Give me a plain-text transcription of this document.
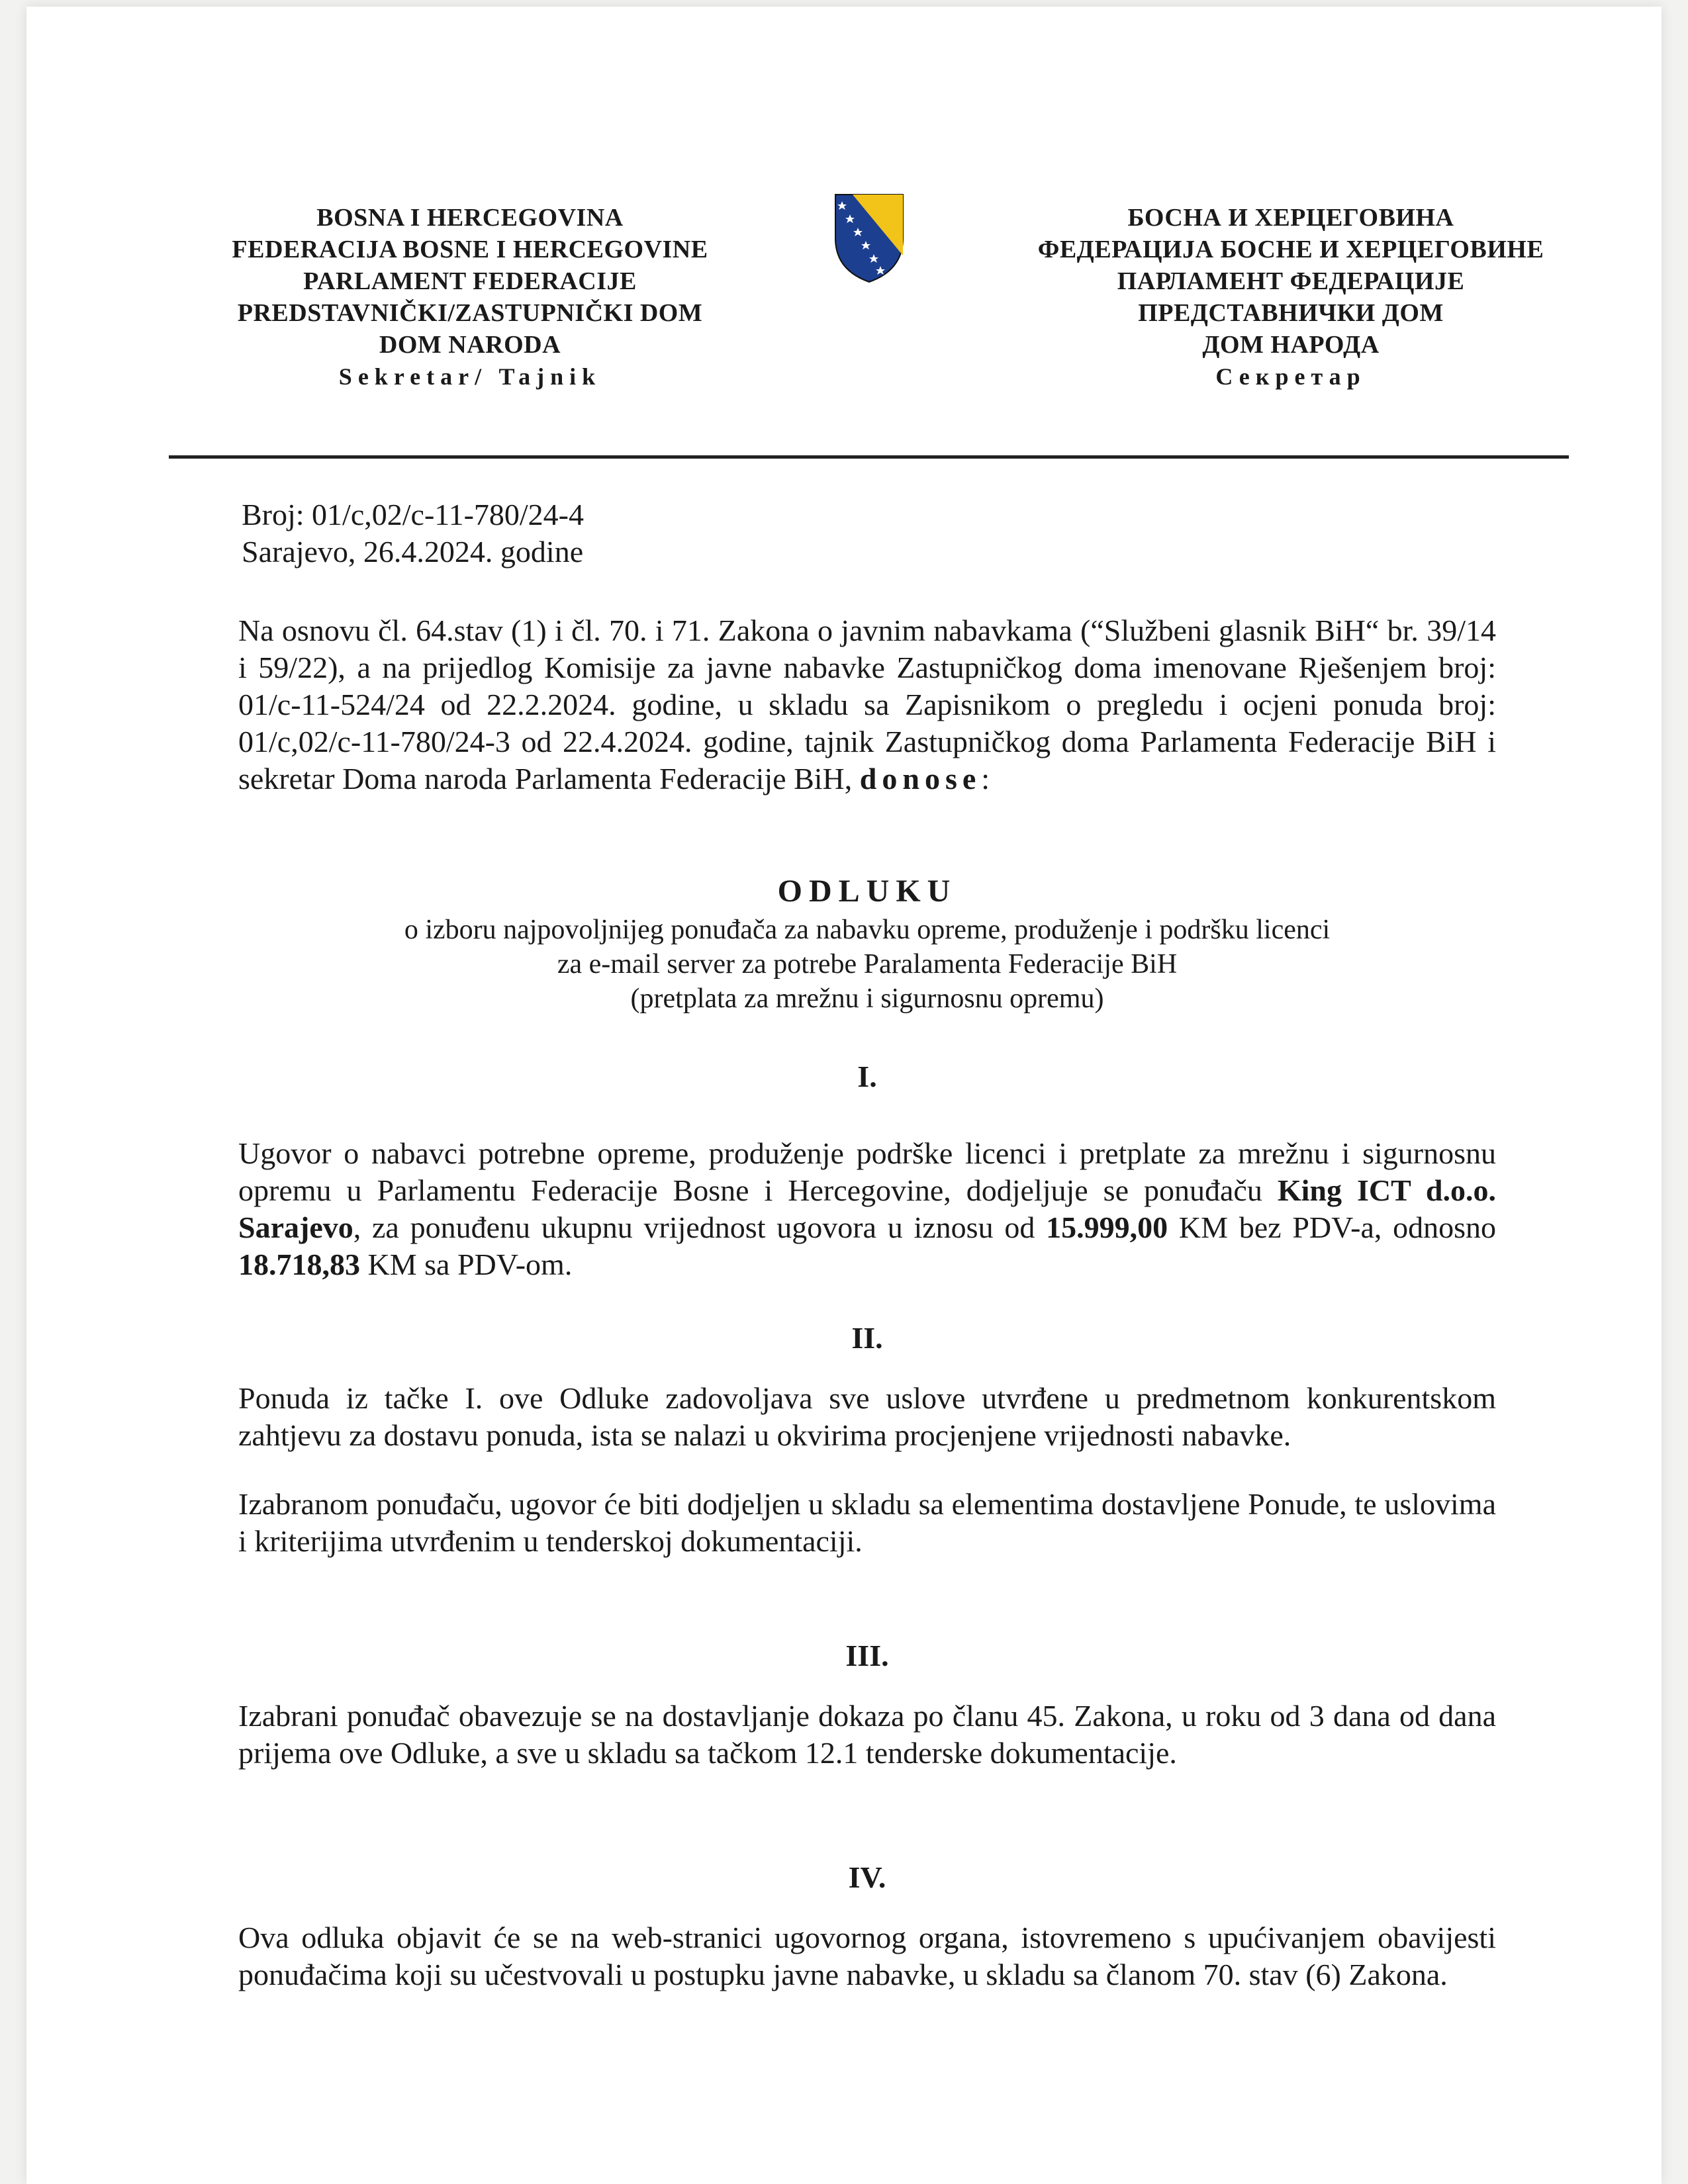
BOSNA I HERCEGOVINA
FEDERACIJA BOSNE I HERCEGOVINE
PARLAMENT FEDERACIJE
PREDSTAVNIČKI/ZASTUPNIČKI DOM
DOM NARODA
Sekretar/ Tajnik
БОСНА И ХЕРЦЕГОВИНА
ФЕДЕРАЦИЈА БОСНЕ И ХЕРЦЕГОВИНЕ
ПАРЛАМЕНТ ФЕДЕРАЦИЈЕ
ПРЕДСТАВНИЧКИ ДОМ
ДОМ НАРОДА
Секретар
Broj: 01/c,02/c-11-780/24-4
Sarajevo, 26.4.2024. godine
Na osnovu čl. 64.stav (1) i čl. 70. i 71. Zakona o javnim nabavkama (“Službeni glasnik BiH“ br. 39/14 i 59/22), a na prijedlog Komisije za javne nabavke Zastupničkog doma imenovane Rješenjem broj: 01/c-11-524/24 od 22.2.2024. godine, u skladu sa Zapisnikom o pregledu i ocjeni ponuda broj: 01/c,02/c-11-780/24-3 od 22.4.2024. godine, tajnik Zastupničkog doma Parlamenta Federacije BiH i sekretar Doma naroda Parlamenta Federacije BiH, donose:
ODLUKU
o izboru najpovoljnijeg ponuđača za nabavku opreme, produženje i podršku licenci
za e-mail server za potrebe Paralamenta Federacije BiH
(pretplata za mrežnu i sigurnosnu opremu)
I.
Ugovor o nabavci potrebne opreme, produženje podrške licenci i pretplate za mrežnu i sigurnosnu opremu u Parlamentu Federacije Bosne i Hercegovine, dodjeljuje se ponuđaču King ICT d.o.o. Sarajevo, za ponuđenu ukupnu vrijednost ugovora u iznosu od 15.999,00 KM bez PDV-a, odnosno 18.718,83 KM sa PDV-om.
II.
Ponuda iz tačke I. ove Odluke zadovoljava sve uslove utvrđene u predmetnom konkurentskom zahtjevu za dostavu ponuda, ista se nalazi u okvirima procjenjene vrijednosti nabavke.
Izabranom ponuđaču, ugovor će biti dodjeljen u skladu sa elementima dostavljene Ponude, te uslovima i kriterijima utvrđenim u tenderskoj dokumentaciji.
III.
Izabrani ponuđač obavezuje se na dostavljanje dokaza po članu 45. Zakona, u roku od 3 dana od dana prijema ove Odluke, a sve u skladu sa tačkom 12.1 tenderske dokumentacije.
IV.
Ova odluka objavit će se na web-stranici ugovornog organa, istovremeno s upućivanjem obavijesti ponuđačima koji su učestvovali u postupku javne nabavke, u skladu sa članom 70. stav (6) Zakona.
